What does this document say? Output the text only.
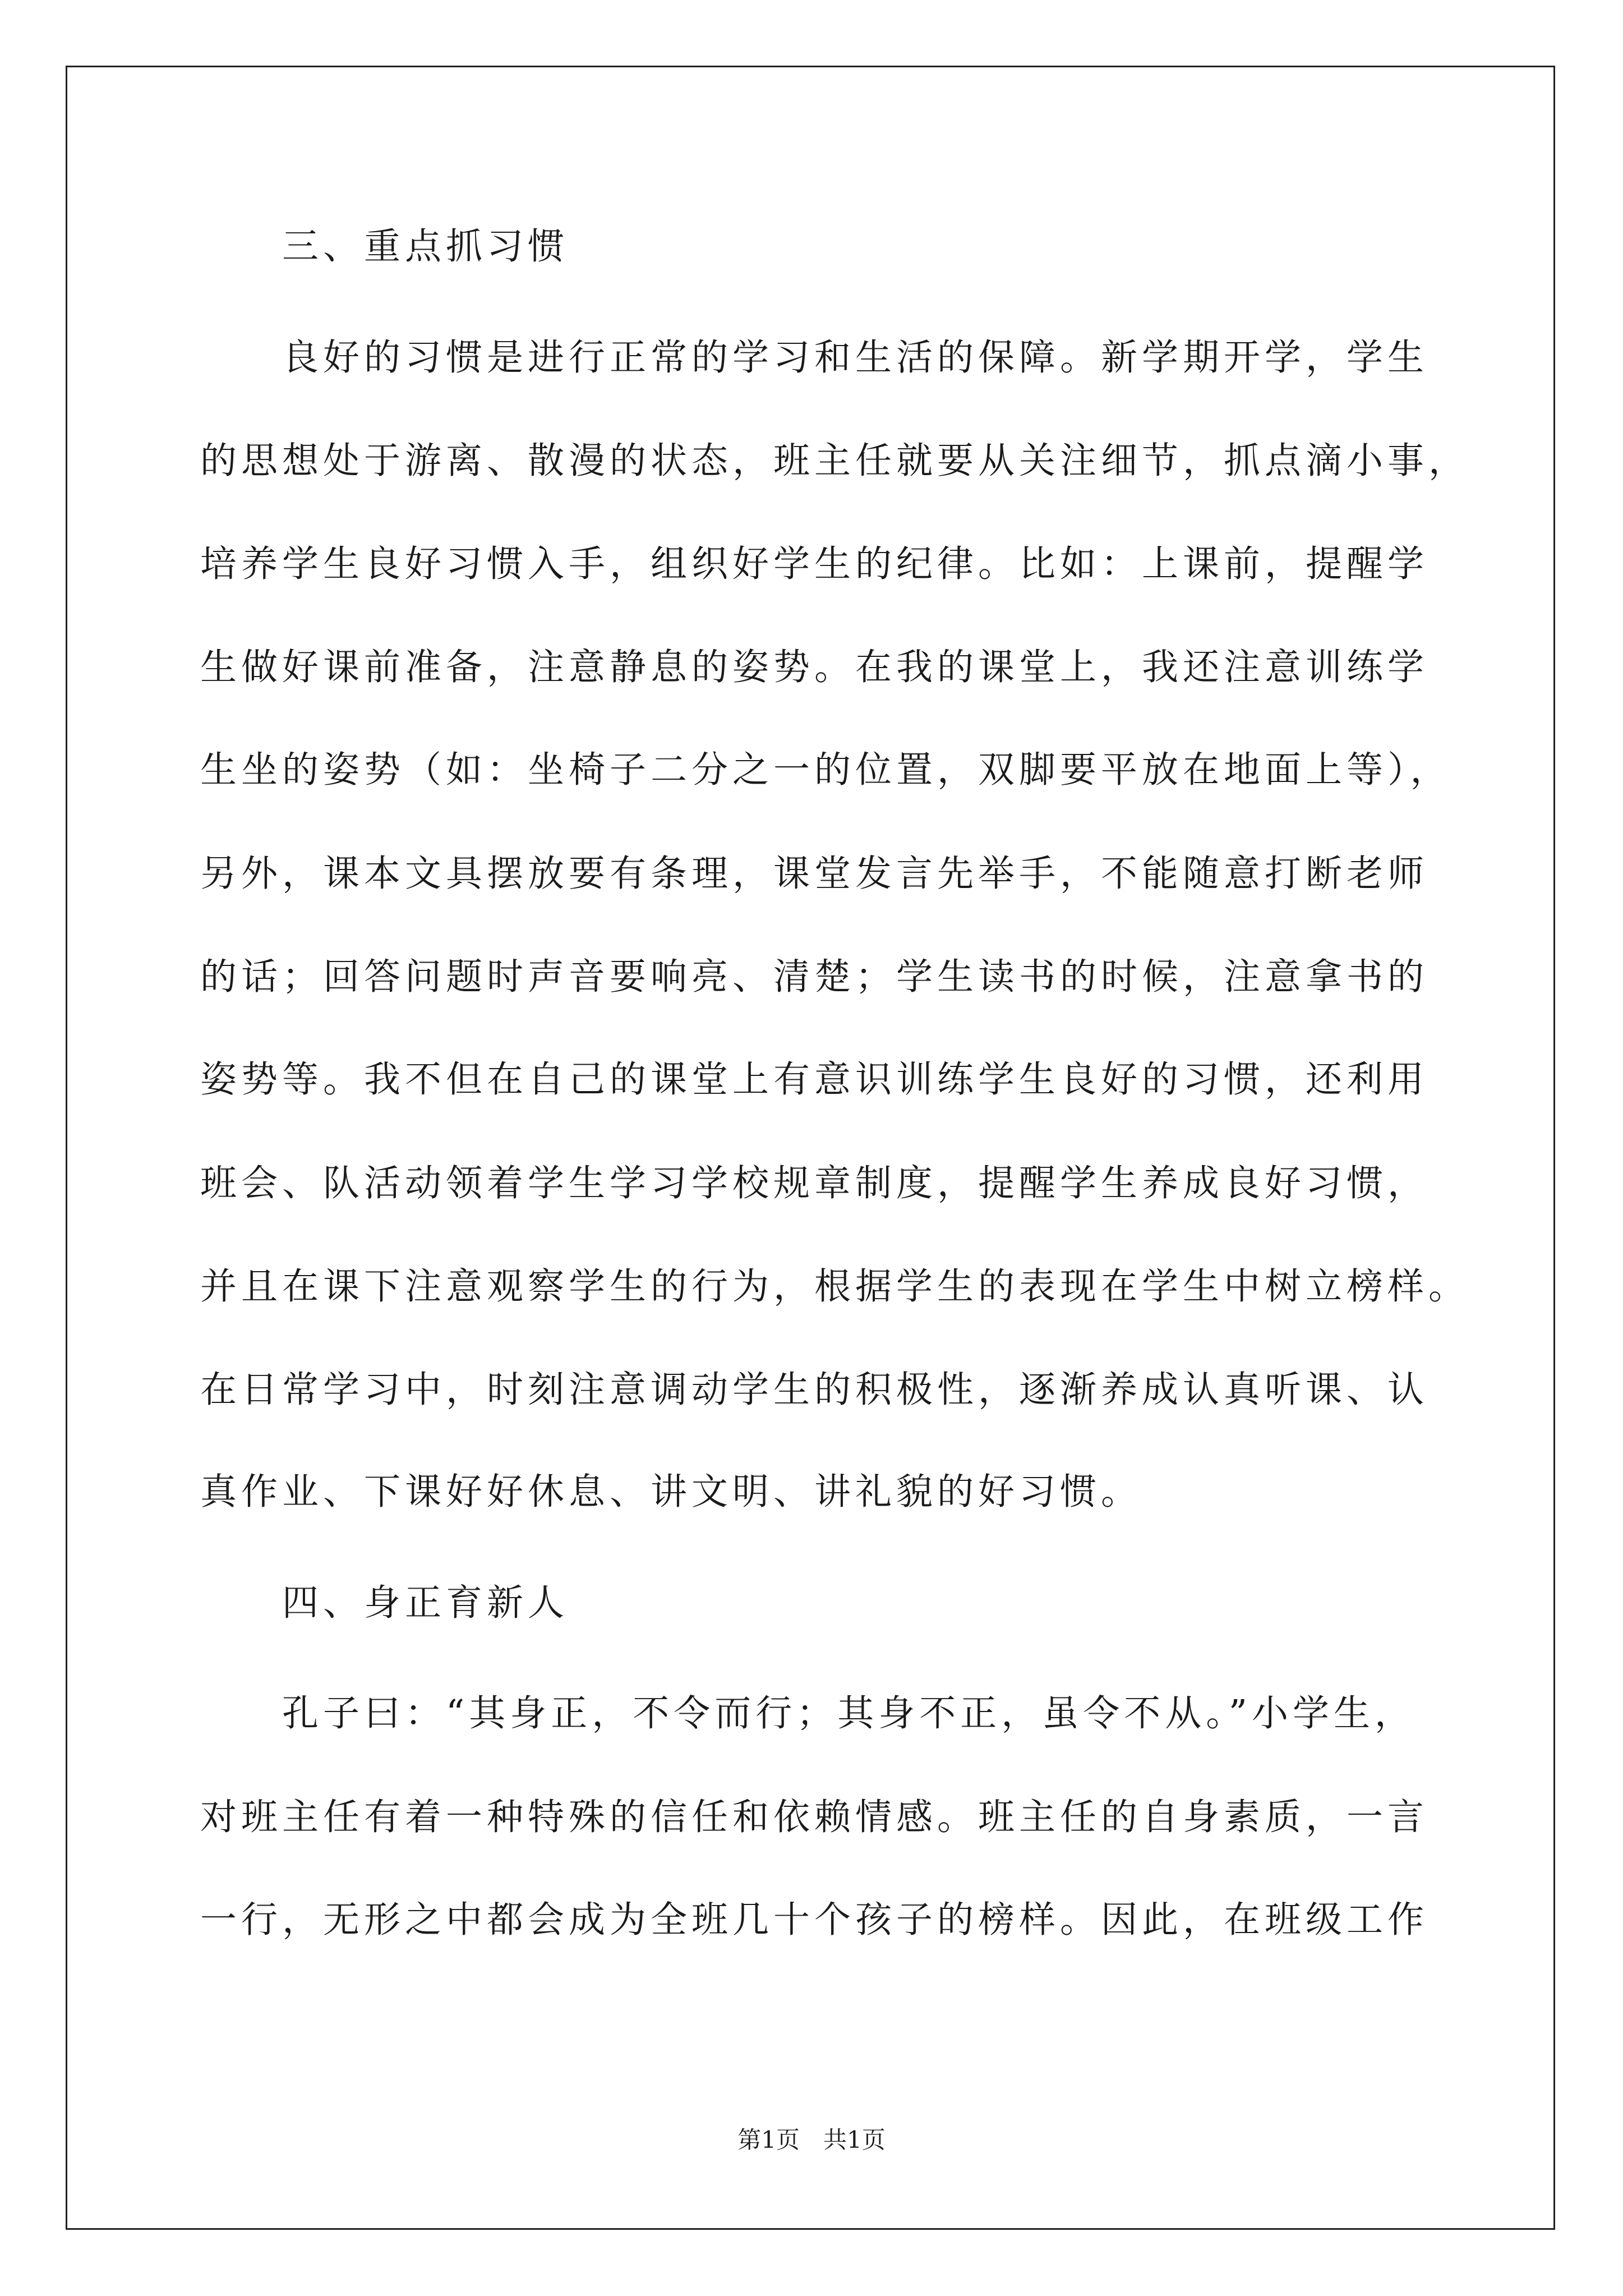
　　三、重点抓习惯
　　良好的习惯是进行正常的学习和生活的保障。新学期开学，学生
的思想处于游离、散漫的状态，班主任就要从关注细节，抓点滴小事，
培养学生良好习惯入手，组织好学生的纪律。比如：上课前，提醒学
生做好课前准备，注意静息的姿势。在我的课堂上，我还注意训练学
生坐的姿势（如：坐椅子二分之一的位置，双脚要平放在地面上等），
另外，课本文具摆放要有条理，课堂发言先举手，不能随意打断老师
的话；回答问题时声音要响亮、清楚；学生读书的时候，注意拿书的
姿势等。我不但在自己的课堂上有意识训练学生良好的习惯，还利用
班会、队活动领着学生学习学校规章制度，提醒学生养成良好习惯，
并且在课下注意观察学生的行为，根据学生的表现在学生中树立榜样。
在日常学习中，时刻注意调动学生的积极性，逐渐养成认真听课、认
真作业、下课好好休息、讲文明、讲礼貌的好习惯。
　　四、身正育新人
　　孔子曰：“其身正，不令而行；其身不正，虽令不从。”小学生，
对班主任有着一种特殊的信任和依赖情感。班主任的自身素质，一言
一行，无形之中都会成为全班几十个孩子的榜样。因此，在班级工作
第1页　共1页
